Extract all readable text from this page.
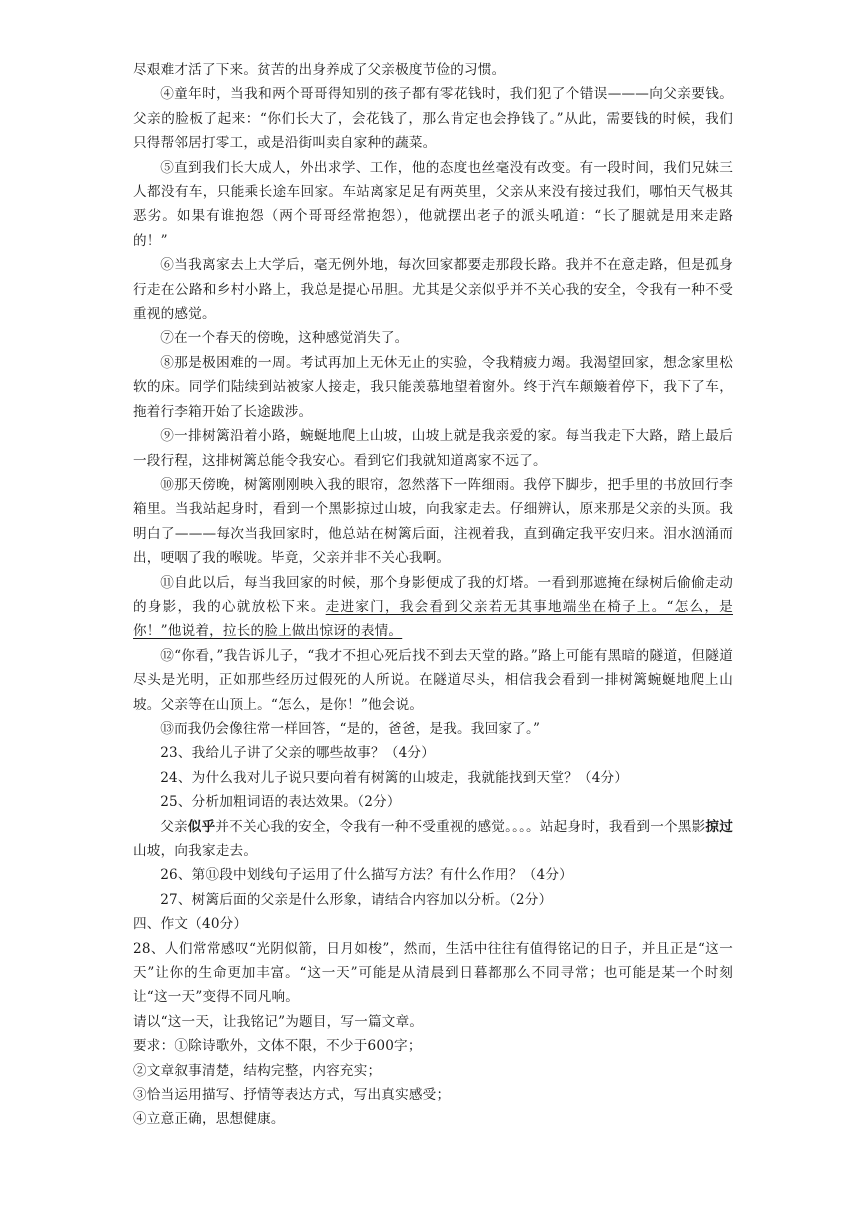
尽艰难才活了下来。贫苦的出身养成了父亲极度节俭的习惯。

④童年时，当我和两个哥哥得知别的孩子都有零花钱时，我们犯了个错误———向父亲要钱。父亲的脸板了起来：“你们长大了，会花钱了，那么肯定也会挣钱了。”从此，需要钱的时候，我们只得帮邻居打零工，或是沿街叫卖自家种的蔬菜。

⑤直到我们长大成人，外出求学、工作，他的态度也丝毫没有改变。有一段时间，我们兄妹三人都没有车，只能乘长途车回家。车站离家足足有两英里，父亲从来没有接过我们，哪怕天气极其恶劣。如果有谁抱怨（两个哥哥经常抱怨），他就摆出老子的派头吼道：“长了腿就是用来走路的！”

⑥当我离家去上大学后，毫无例外地，每次回家都要走那段长路。我并不在意走路，但是孤身行走在公路和乡村小路上，我总是提心吊胆。尤其是父亲似乎并不关心我的安全，令我有一种不受重视的感觉。

⑦在一个春天的傍晚，这种感觉消失了。

⑧那是极困难的一周。考试再加上无休无止的实验，令我精疲力竭。我渴望回家，想念家里松软的床。同学们陆续到站被家人接走，我只能羡慕地望着窗外。终于汽车颠簸着停下，我下了车，拖着行李箱开始了长途跋涉。

⑨一排树篱沿着小路，蜿蜒地爬上山坡，山坡上就是我亲爱的家。每当我走下大路，踏上最后一段行程，这排树篱总能令我安心。看到它们我就知道离家不远了。

⑩那天傍晚，树篱刚刚映入我的眼帘，忽然落下一阵细雨。我停下脚步，把手里的书放回行李箱里。当我站起身时，看到一个黑影掠过山坡，向我家走去。仔细辨认，原来那是父亲的头顶。我明白了———每次当我回家时，他总站在树篱后面，注视着我，直到确定我平安归来。泪水汹涌而出，哽咽了我的喉咙。毕竟，父亲并非不关心我啊。

⑪自此以后，每当我回家的时候，那个身影便成了我的灯塔。一看到那遮掩在绿树后偷偷走动的身影，我的心就放松下来。走进家门，我会看到父亲若无其事地端坐在椅子上。“怎么，是你！”他说着，拉长的脸上做出惊讶的表情。

⑫“你看，”我告诉儿子，“我才不担心死后找不到去天堂的路。”路上可能有黑暗的隧道，但隧道尽头是光明，正如那些经历过假死的人所说。在隧道尽头，相信我会看到一排树篱蜿蜒地爬上山坡。父亲等在山顶上。“怎么，是你！”他会说。

⑬而我仍会像往常一样回答，“是的，爸爸，是我。我回家了。”

23、我给儿子讲了父亲的哪些故事？（4分）

24、为什么我对儿子说只要向着有树篱的山坡走，我就能找到天堂？（4分）

25、分析加粗词语的表达效果。（2分）

父亲似乎并不关心我的安全，令我有一种不受重视的感觉。。。。站起身时，我看到一个黑影掠过山坡，向我家走去。

26、第⑪段中划线句子运用了什么描写方法？有什么作用？（4分）

27、树篱后面的父亲是什么形象，请结合内容加以分析。（2分）

四、作文（40分）

28、人们常常感叹“光阴似箭，日月如梭”，然而，生活中往往有值得铭记的日子，并且正是“这一天”让你的生命更加丰富。“这一天”可能是从清晨到日暮都那么不同寻常；也可能是某一个时刻让“这一天”变得不同凡响。

请以“这一天，让我铭记”为题目，写一篇文章。

要求：①除诗歌外，文体不限，不少于600字；

②文章叙事清楚，结构完整，内容充实；

③恰当运用描写、抒情等表达方式，写出真实感受；

④立意正确，思想健康。
